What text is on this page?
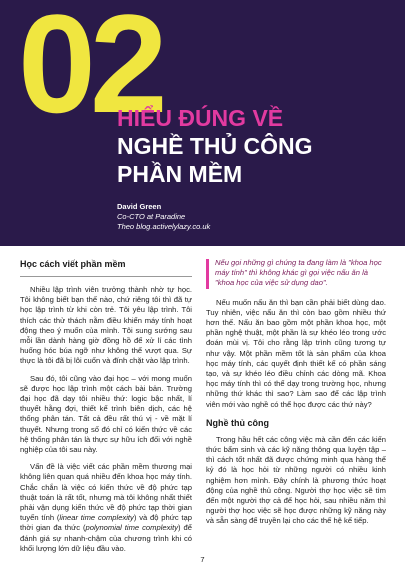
02
HIỂU ĐÚNG VỀ
NGHỀ THỦ CÔNG
PHẦN MỀM
David Green
Co-CTO at Paradine
Theo blog.activelylazy.co.uk
Học cách viết phần mềm

Nhiều lập trình viên trưởng thành nhờ tự học. Tôi không biết bạn thế nào, chứ riêng tôi thì đã tự học lập trình từ khi còn trẻ. Tôi yêu lập trình. Tôi thích các thử thách nằm điều khiển máy tính hoạt động theo ý muốn của mình. Tôi sung sướng sau mỗi lần dành hàng giờ đồng hồ để xử lí các tình huống hóc búa ngỡ như không thể vượt qua. Sự thực là tôi đã bị lôi cuốn và đính chặt vào lập trình.

Sau đó, tôi cũng vào đại học – với mong muốn sẽ được học lập trình một cách bài bản. Trường đại học đã dạy tôi nhiều thứ: logic bậc nhất, lí thuyết hằng đợi, thiết kế trình biên dịch, các hệ thống phân tán. Tất cả đều rất thú vị - về mặt lí thuyết. Nhưng trong số đó chỉ có kiến thức về các hệ thống phân tán là thực sự hữu ích đối với nghề nghiệp của tôi sau này.

Vấn đề là việc viết các phần mềm thương mại không liên quan quá nhiều đến khoa học máy tính. Chắc chắn là việc có kiến thức về độ phức tạp thuật toán là rất tốt, nhưng mà tôi không nhất thiết phải vận dụng kiến thức về độ phức tạp thời gian tuyến tính (linear time complexity) và độ phức tạp thời gian đa thức (polynomial time complexity) để đánh giá sự nhanh-chậm của chương trình khi có khối lượng lớn dữ liệu đầu vào.

Nếu gọi những gì chúng ta đang làm là "khoa học máy tính" thì không khác gì gọi việc nấu ăn là "khoa học của việc sử dụng dao".

Nếu muốn nấu ăn thì bạn cần phải biết dùng dao. Tuy nhiên, việc nấu ăn thì còn bao gồm nhiều thứ hơn thế. Nấu ăn bao gồm một phần khoa học, một phần nghệ thuật, một phần là sự khéo léo trong ước đoán mùi vị. Tôi cho rằng lập trình cũng tương tự như vậy. Một phần mềm tốt là sản phẩm của khoa học máy tính, các quyết định thiết kế có phần sáng tạo, và sự khéo léo điều chỉnh các dòng mã. Khoa học máy tính thì có thể dạy trong trường học, nhưng những thứ khác thì sao? Làm sao để các lập trình viên mới vào nghề có thể học được các thứ này?

Nghề thủ công

Trong hầu hết các công việc mà cần đến các kiến thức bẩm sinh và các kỹ năng thông qua luyện tập – thì cách tốt nhất đã được chứng minh qua hàng thế kỷ đó là học hỏi từ những người có nhiều kinh nghiệm hơn mình. Đây chính là phương thức hoạt động của nghề thủ công. Người thợ học việc sẽ tìm đến một người thợ cả để học hỏi, sau nhiều năm thì người thợ học việc sẽ học được những kỹ năng này và sẵn sàng để truyền lại cho các thế hệ kế tiếp.

7
